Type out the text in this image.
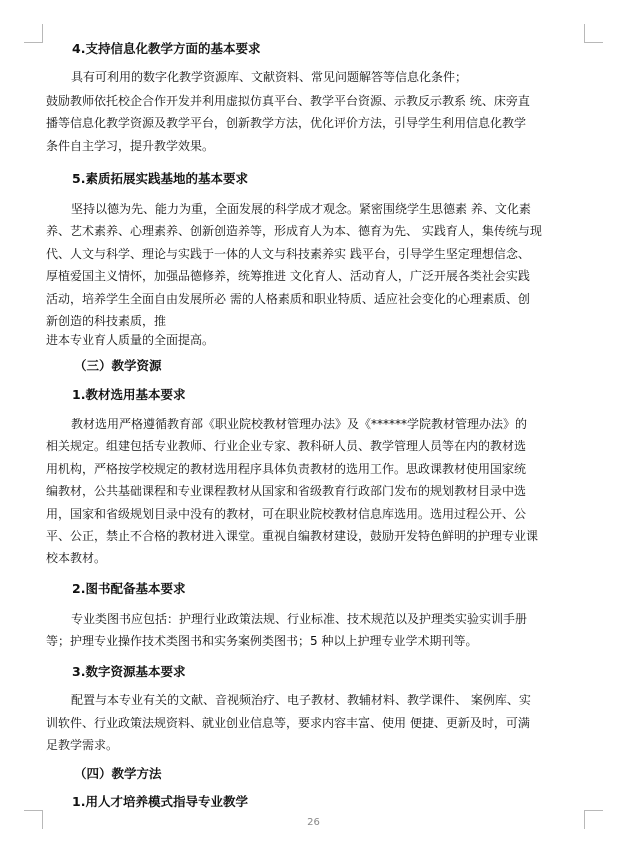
4.支持信息化教学方面的基本要求
具有可利用的数字化教学资源库、文献资料、常见问题解答等信息化条件；
鼓励教师依托校企合作开发并利用虚拟仿真平台、教学平台资源、示教反示教系 统、床旁直
播等信息化教学资源及教学平台，创新教学方法，优化评价方法，引导学生利用信息化教学
条件自主学习，提升教学效果。
5.素质拓展实践基地的基本要求
坚持以德为先、能力为重，全面发展的科学成才观念。紧密围绕学生思德素 养、文化素
养、艺术素养、心理素养、创新创造养等，形成育人为本、德育为先、 实践育人，集传统与现
代、人文与科学、理论与实践于一体的人文与科技素养实 践平台，引导学生坚定理想信念、
厚植爱国主义情怀，加强品德修养，统筹推进 文化育人、活动育人，广泛开展各类社会实践
活动，培养学生全面自由发展所必 需的人格素质和职业特质、适应社会变化的心理素质、创
新创造的科技素质，推
进本专业育人质量的全面提高。
（三）教学资源
1.教材选用基本要求
教材选用严格遵循教育部《职业院校教材管理办法》及《******学院教材管理办法》的
相关规定。组建包括专业教师、行业企业专家、教科研人员、教学管理人员等在内的教材选
用机构，严格按学校规定的教材选用程序具体负责教材的选用工作。思政课教材使用国家统
编教材，公共基础课程和专业课程教材从国家和省级教育行政部门发布的规划教材目录中选
用，国家和省级规划目录中没有的教材，可在职业院校教材信息库选用。选用过程公开、公
平、公正，禁止不合格的教材进入课堂。重视自编教材建设，鼓励开发特色鲜明的护理专业课
校本教材。
2.图书配备基本要求
专业类图书应包括：护理行业政策法规、行业标准、技术规范以及护理类实验实训手册
等；护理专业操作技术类图书和实务案例类图书；5 种以上护理专业学术期刊等。
3.数字资源基本要求
配置与本专业有关的文献、音视频治疗、电子教材、教辅材料、教学课件、 案例库、实
训软件、行业政策法规资料、就业创业信息等，要求内容丰富、使用 便捷、更新及时，可满
足教学需求。
（四）教学方法
1.用人才培养模式指导专业教学
26
